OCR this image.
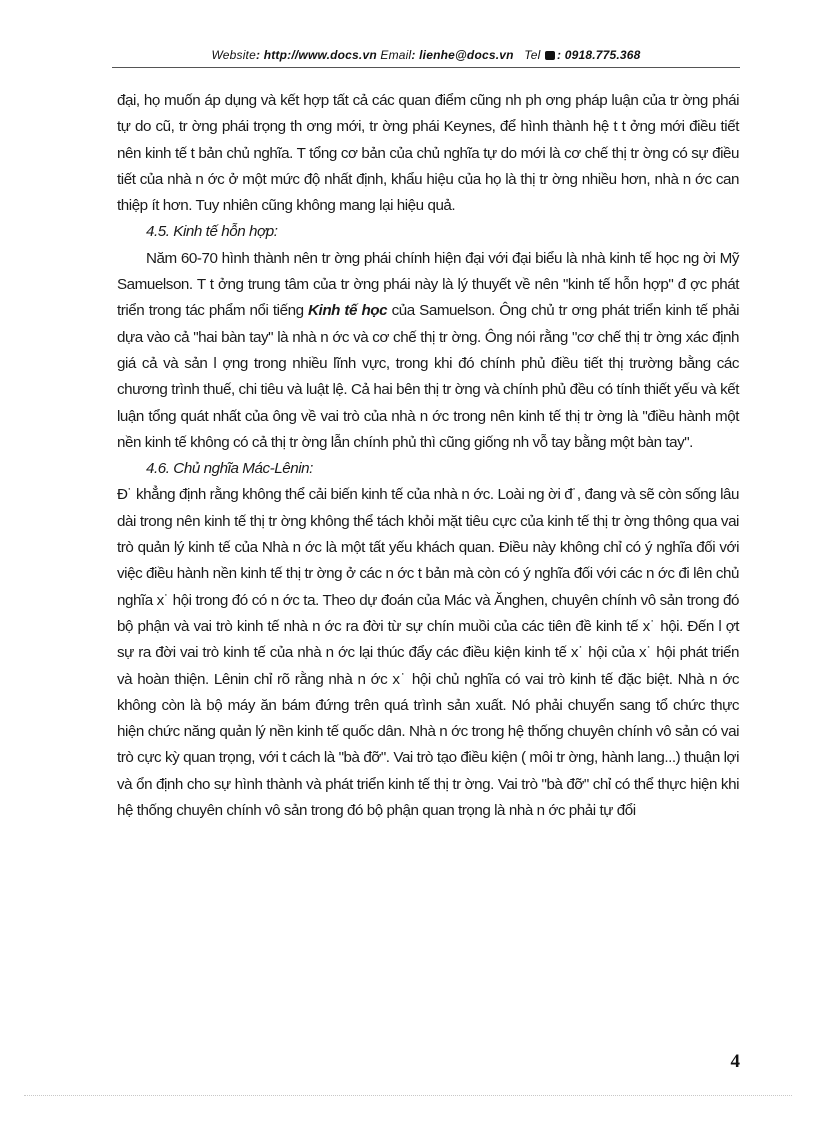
Website: http://www.docs.vn Email: lienhe@docs.vn Tel : 0918.775.368

đại, họ muốn áp dụng và kết hợp tất cả các quan điểm cũng nh ph ơng pháp luận của tr ờng phái tự do cũ, tr ờng phái trọng th ơng mới, tr ờng phái Keynes, để hình thành hệ t t ởng mới điều tiết nên kinh tế t bản chủ nghĩa. T tổng cơ bản của chủ nghĩa tự do mới là cơ chế thị tr ờng có sự điều tiết của nhà n ớc ở một mức độ nhất định, khẩu hiệu của họ là thị tr ờng nhiều hơn, nhà n ớc can thiệp ít hơn. Tuy nhiên cũng không mang lại hiệu quả.

4.5. Kinh tế hỗn hợp:

Năm 60-70 hình thành nên tr ờng phái chính hiện đại với đại biểu là nhà kinh tế học ng ời Mỹ Samuelson. T t ởng trung tâm của tr ờng phái này là lý thuyết về nên "kinh tế hỗn hợp" đ ợc phát triển trong tác phẩm nổi tiếng Kinh tế học của Samuelson. Ông chủ tr ơng phát triển kinh tế phải dựa vào cả "hai bàn tay" là nhà n ớc và cơ chế thị tr ờng. Ông nói rằng "cơ chế thị tr ờng xác định giá cả và sản l ợng trong nhiều lĩnh vực, trong khi đó chính phủ điều tiết thị trường bằng các chương trình thuế, chi tiêu và luật lệ. Cả hai bên thị tr ờng và chính phủ đều có tính thiết yếu và kết luận tổng quát nhất của ông về vai trò của nhà n ớc trong nên kinh tế thị tr ờng là "điều hành một nền kinh tế không có cả thị tr ờng lẫn chính phủ thì cũng giống nh vỗ tay bằng một bàn tay".

4.6. Chủ nghĩa Mác-Lênin:

Đ˙ khẳng định rằng không thể cải biến kinh tế của nhà n ớc. Loài ng ời đ˙, đang và sẽ còn sống lâu dài trong nên kinh tế thị tr ờng không thể tách khỏi mặt tiêu cực của kinh tế thị tr ờng thông qua vai trò quản lý kinh tế của Nhà n ớc là một tất yếu khách quan. Điều này không chỉ có ý nghĩa đối với việc điều hành nền kinh tế thị tr ờng ở các n ớc t bản mà còn có ý nghĩa đối với các n ớc đi lên chủ nghĩa x˙ hội trong đó có n ớc ta. Theo dự đoán của Mác và Ănghen, chuyên chính vô sản trong đó bộ phận và vai trò kinh tế nhà n ớc ra đời từ sự chín muồi của các tiên đề kinh tế x˙ hội. Đến l ợt sự ra đời vai trò kinh tế của nhà n ớc lại thúc đẩy các điều kiện kinh tế x˙ hội của x˙ hội phát triển và hoàn thiện. Lênin chỉ rõ rằng nhà n ớc x˙ hội chủ nghĩa có vai trò kinh tế đặc biệt. Nhà n ớc không còn là bộ máy ăn bám đứng trên quá trình sản xuất. Nó phải chuyển sang tổ chức thực hiện chức năng quản lý nền kinh tế quốc dân. Nhà n ớc trong hệ thống chuyên chính vô sản có vai trò cực kỳ quan trọng, với t cách là "bà đỡ". Vai trò tạo điều kiện ( môi tr ờng, hành lang...) thuận lợi và ổn định cho sự hình thành và phát triển kinh tế thị tr ờng. Vai trò "bà đỡ" chỉ có thể thực hiện khi hệ thống chuyên chính vô sản trong đó bộ phận quan trọng là nhà n ớc phải tự đổi

4
